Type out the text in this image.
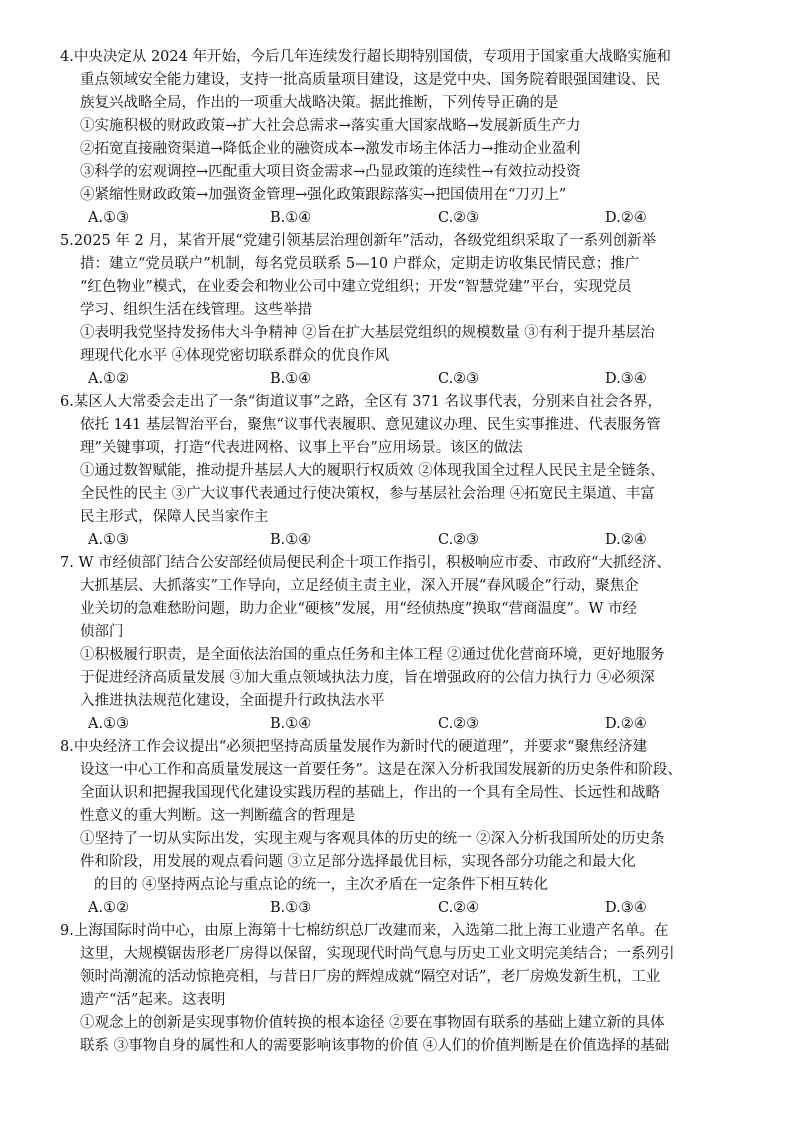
4.中央决定从 2024 年开始，今后几年连续发行超长期特别国债，专项用于国家重大战略实施和
重点领域安全能力建设，支持一批高质量项目建设，这是党中央、国务院着眼强国建设、民
族复兴战略全局，作出的一项重大战略决策。据此推断，下列传导正确的是
①实施积极的财政政策→扩大社会总需求→落实重大国家战略→发展新质生产力
②拓宽直接融资渠道→降低企业的融资成本→激发市场主体活力→推动企业盈利
③科学的宏观调控→匹配重大项目资金需求→凸显政策的连续性→有效拉动投资
④紧缩性财政政策→加强资金管理→强化政策跟踪落实→把国债用在“刀刃上”
A.①③	B.①④	C.②③	D.②④
5.2025 年 2 月，某省开展“党建引领基层治理创新年”活动，各级党组织采取了一系列创新举
措：建立“党员联户”机制，每名党员联系 5—10 户群众，定期走访收集民情民意；推广
“红色物业”模式，在业委会和物业公司中建立党组织；开发“智慧党建”平台，实现党员
学习、组织生活在线管理。这些举措
①表明我党坚持发扬伟大斗争精神 ②旨在扩大基层党组织的规模数量 ③有利于提升基层治
理现代化水平 ④体现党密切联系群众的优良作风
A.①②	B.①④	C.②③	D.③④
6.某区人大常委会走出了一条“街道议事”之路，全区有 371 名议事代表，分别来自社会各界，
依托 141 基层智治平台，聚焦“议事代表履职、意见建议办理、民生实事推进、代表服务管
理”关键事项，打造“代表进网格、议事上平台”应用场景。该区的做法
①通过数智赋能，推动提升基层人大的履职行权质效 ②体现我国全过程人民民主是全链条、
全民性的民主 ③广大议事代表通过行使决策权，参与基层社会治理 ④拓宽民主渠道、丰富
民主形式，保障人民当家作主
A.①③	B.①④	C.②③	D.②④
7. W 市经侦部门结合公安部经侦局便民利企十项工作指引，积极响应市委、市政府“大抓经济、
大抓基层、大抓落实”工作导向，立足经侦主责主业，深入开展“春风暖企”行动，聚焦企
业关切的急难愁盼问题，助力企业“硬核”发展，用“经侦热度”换取“营商温度”。W 市经
侦部门
①积极履行职责，是全面依法治国的重点任务和主体工程 ②通过优化营商环境，更好地服务
于促进经济高质量发展 ③加大重点领域执法力度，旨在增强政府的公信力执行力 ④必须深
入推进执法规范化建设，全面提升行政执法水平
A.①③	B.①④	C.②③	D.②④
8.中央经济工作会议提出“必须把坚持高质量发展作为新时代的硬道理”，并要求“聚焦经济建
设这一中心工作和高质量发展这一首要任务”。这是在深入分析我国发展新的历史条件和阶段、
全面认识和把握我国现代化建设实践历程的基础上，作出的一个具有全局性、长远性和战略
性意义的重大判断。这一判断蕴含的哲理是
①坚持了一切从实际出发，实现主观与客观具体的历史的统一 ②深入分析我国所处的历史条
件和阶段，用发展的观点看问题 ③立足部分选择最优目标，实现各部分功能之和最大化
的目的 ④坚持两点论与重点论的统一，主次矛盾在一定条件下相互转化
A.①②	B.①③	C.②④	D.③④
9.上海国际时尚中心，由原上海第十七棉纺织总厂改建而来，入选第二批上海工业遗产名单。在
这里，大规模锯齿形老厂房得以保留，实现现代时尚气息与历史工业文明完美结合；一系列引
领时尚潮流的活动惊艳亮相，与昔日厂房的辉煌成就“隔空对话”，老厂房焕发新生机，工业
遗产“活”起来。这表明
①观念上的创新是实现事物价值转换的根本途径 ②要在事物固有联系的基础上建立新的具体
联系 ③事物自身的属性和人的需要影响该事物的价值 ④人们的价值判断是在价值选择的基础
